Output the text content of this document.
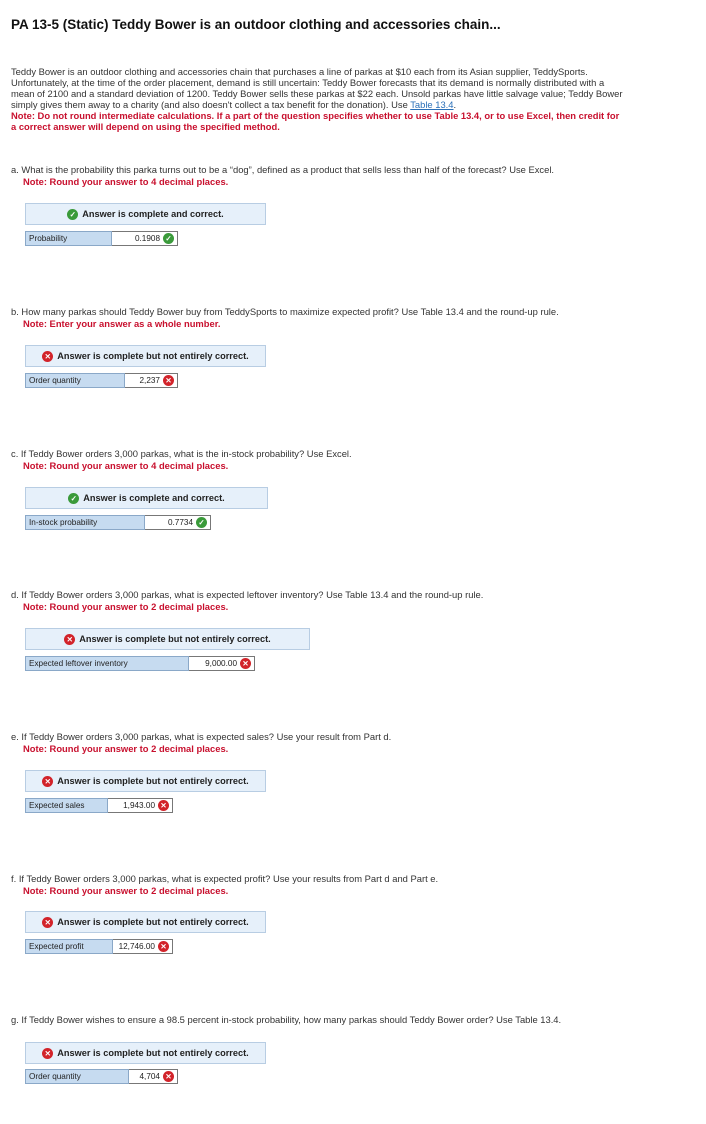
PA 13-5 (Static) Teddy Bower is an outdoor clothing and accessories chain...
Teddy Bower is an outdoor clothing and accessories chain that purchases a line of parkas at $10 each from its Asian supplier, TeddySports. Unfortunately, at the time of the order placement, demand is still uncertain: Teddy Bower forecasts that its demand is normally distributed with a mean of 2100 and a standard deviation of 1200. Teddy Bower sells these parkas at $22 each. Unsold parkas have little salvage value; Teddy Bower simply gives them away to a charity (and also doesn't collect a tax benefit for the donation). Use Table 13.4.
Note: Do not round intermediate calculations. If a part of the question specifies whether to use Table 13.4, or to use Excel, then credit for a correct answer will depend on using the specified method.
a. What is the probability this parka turns out to be a “dog”, defined as a product that sells less than half of the forecast? Use Excel.
Note: Round your answer to 4 decimal places.
✓ Answer is complete and correct.
Probability	0.1908 ✓
b. How many parkas should Teddy Bower buy from TeddySports to maximize expected profit? Use Table 13.4 and the round-up rule.
Note: Enter your answer as a whole number.
✕ Answer is complete but not entirely correct.
Order quantity	2,237 ✕
c. If Teddy Bower orders 3,000 parkas, what is the in-stock probability? Use Excel.
Note: Round your answer to 4 decimal places.
✓ Answer is complete and correct.
In-stock probability	0.7734 ✓
d. If Teddy Bower orders 3,000 parkas, what is expected leftover inventory? Use Table 13.4 and the round-up rule.
Note: Round your answer to 2 decimal places.
✕ Answer is complete but not entirely correct.
Expected leftover inventory	9,000.00 ✕
e. If Teddy Bower orders 3,000 parkas, what is expected sales? Use your result from Part d.
Note: Round your answer to 2 decimal places.
✕ Answer is complete but not entirely correct.
Expected sales	1,943.00 ✕
f. If Teddy Bower orders 3,000 parkas, what is expected profit? Use your results from Part d and Part e.
Note: Round your answer to 2 decimal places.
✕ Answer is complete but not entirely correct.
Expected profit	12,746.00 ✕
g. If Teddy Bower wishes to ensure a 98.5 percent in-stock probability, how many parkas should Teddy Bower order? Use Table 13.4.
✕ Answer is complete but not entirely correct.
Order quantity	4,704 ✕
